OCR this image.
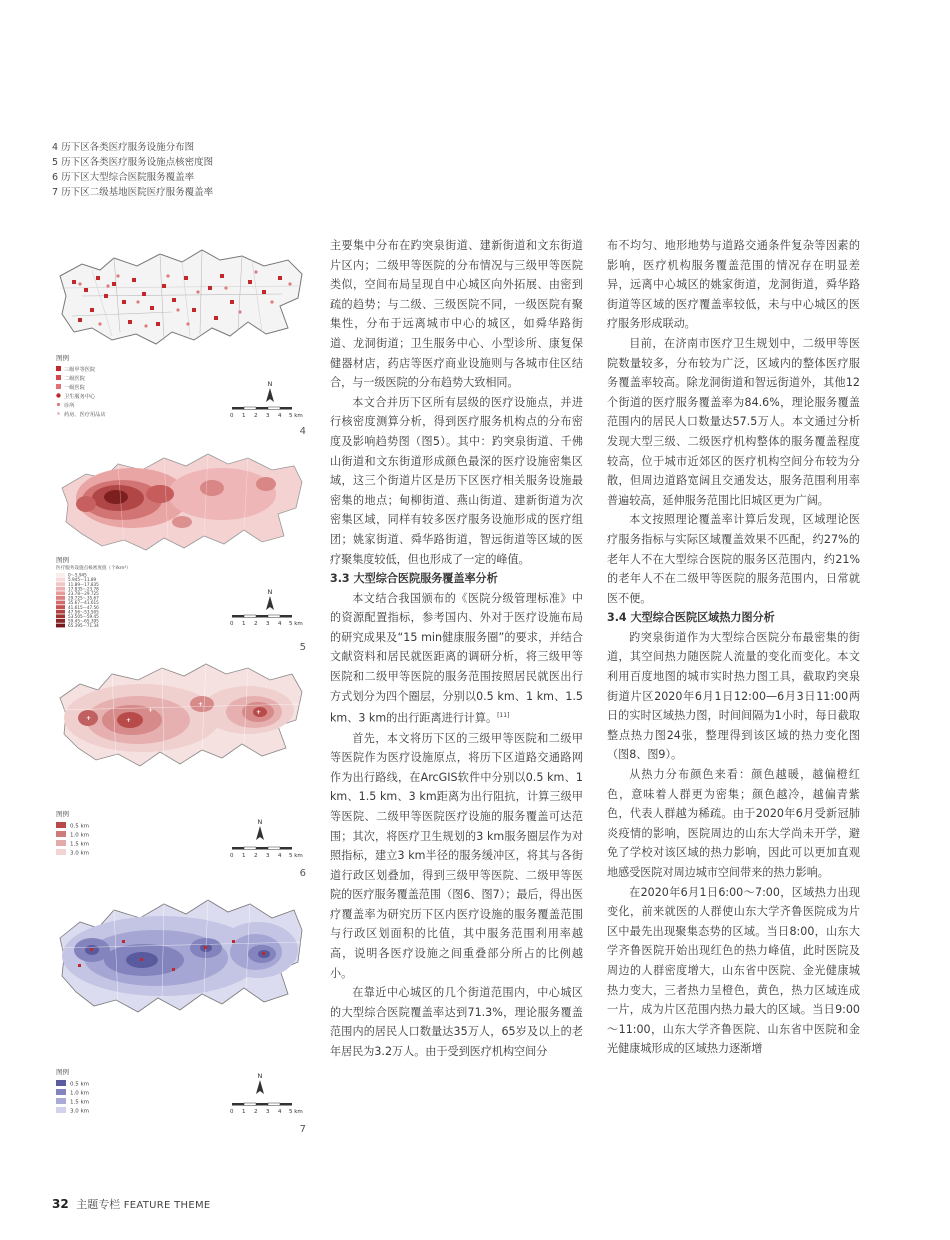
4 历下区各类医疗服务设施分布图
5 历下区各类医疗服务设施点核密度图
6 历下区大型综合医院服务覆盖率
7 历下区二级基地医院医疗服务覆盖率
图例
三级甲等医院
二级医院
一级医院
卫生服务中心
诊所
药房、医疗用品店
N
0 1 2 3 4 5 km
4
图例
医疗服务设施点核密度值（个/km²）
0～5.945
5.945～11.89
11.89～17.835
17.835～23.78
23.78～29.725
29.725～35.67
35.67～41.615
41.615～47.56
47.56～53.505
53.505～59.45
59.45～65.395
65.395～71.34
N
0 1 2 3 4 5 km
5
+
+
+
+
+
图例
0.5 km
1.0 km
1.5 km
3.0 km
N
0 1 2 3 4 5 km
6
图例
0.5 km
1.0 km
1.5 km
3.0 km
N
0 1 2 3 4 5 km
7

主要集中分布在趵突泉街道、建新街道和文东街道片区内；二级甲等医院的分布情况与三级甲等医院类似，空间布局呈现自中心城区向外拓展、由密到疏的趋势；与二级、三级医院不同，一级医院有聚集性，分布于远离城市中心的城区，如舜华路街道、龙洞街道；卫生服务中心、小型诊所、康复保健器材店，药店等医疗商业设施则与各城市住区结合，与一级医院的分布趋势大致相同。

本文合并历下区所有层级的医疗设施点，并进行核密度测算分析，得到医疗服务机构点的分布密度及影响趋势图（图5）。其中：趵突泉街道、千佛山街道和文东街道形成颜色最深的医疗设施密集区域，这三个街道片区是历下区医疗相关服务设施最密集的地点；甸柳街道、燕山街道、建新街道为次密集区域，同样有较多医疗服务设施形成的医疗组团；姚家街道、舜华路街道，智远街道等区域的医疗聚集度较低，但也形成了一定的峰值。

3.3 大型综合医院服务覆盖率分析

本文结合我国颁布的《医院分级管理标准》中的资源配置指标，参考国内、外对于医疗设施布局的研究成果及“15 min健康服务圈”的要求，并结合文献资料和居民就医距离的调研分析，将三级甲等医院和二级甲等医院的服务范围按照居民就医出行方式划分为四个圈层，分别以0.5 km、1 km、1.5 km、3 km的出行距离进行计算。[11]

首先，本文将历下区的三级甲等医院和二级甲等医院作为医疗设施原点，将历下区道路交通路网作为出行路线，在ArcGIS软件中分别以0.5 km、1 km、1.5 km、3 km距离为出行阻抗，计算三级甲等医院、二级甲等医院医疗设施的服务覆盖可达范围；其次，将医疗卫生规划的3 km服务圈层作为对照指标，建立3 km半径的服务缓冲区，将其与各街道行政区划叠加，得到三级甲等医院、二级甲等医院的医疗服务覆盖范围（图6、图7）；最后，得出医疗覆盖率为研究历下区内医疗设施的服务覆盖范围与行政区划面积的比值，其中服务范围利用率越高，说明各医疗设施之间重叠部分所占的比例越小。

在靠近中心城区的几个街道范围内，中心城区的大型综合医院覆盖率达到71.3%，理论服务覆盖范围内的居民人口数量达35万人，65岁及以上的老年居民为3.2万人。由于受到医疗机构空间分

布不均匀、地形地势与道路交通条件复杂等因素的影响，医疗机构服务覆盖范围的情况存在明显差异，远离中心城区的姚家街道，龙洞街道，舜华路街道等区域的医疗覆盖率较低，未与中心城区的医疗服务形成联动。

目前，在济南市医疗卫生规划中，二级甲等医院数量较多，分布较为广泛，区域内的整体医疗服务覆盖率较高。除龙洞街道和智远街道外，其他12个街道的医疗服务覆盖率为84.6%，理论服务覆盖范围内的居民人口数量达57.5万人。本文通过分析发现大型三级、二级医疗机构整体的服务覆盖程度较高，位于城市近郊区的医疗机构空间分布较为分散，但周边道路宽阔且交通发达，服务范围利用率普遍较高，延伸服务范围比旧城区更为广阔。

本文按照理论覆盖率计算后发现，区域理论医疗服务指标与实际区域覆盖效果不匹配，约27%的老年人不在大型综合医院的服务区范围内，约21%的老年人不在二级甲等医院的服务范围内，日常就医不便。

3.4 大型综合医院区域热力图分析

趵突泉街道作为大型综合医院分布最密集的街道，其空间热力随医院人流量的变化而变化。本文利用百度地图的城市实时热力图工具，截取趵突泉街道片区2020年6月1日12:00—6月3日11:00两日的实时区域热力图，时间间隔为1小时，每日截取整点热力图24张，整理得到该区域的热力变化图（图8、图9）。

从热力分布颜色来看：颜色越暖，越偏橙红色，意味着人群更为密集；颜色越冷，越偏青紫色，代表人群越为稀疏。由于2020年6月受新冠肺炎疫情的影响，医院周边的山东大学尚未开学，避免了学校对该区域的热力影响，因此可以更加直观地感受医院对周边城市空间带来的热力影响。

在2020年6月1日6:00～7:00，区域热力出现变化，前来就医的人群使山东大学齐鲁医院成为片区中最先出现聚集态势的区域。当日8:00，山东大学齐鲁医院开始出现红色的热力峰值，此时医院及周边的人群密度增大，山东省中医院、金光健康城热力变大，三者热力呈橙色，黄色，热力区域连成一片，成为片区范围内热力最大的区域。当日9:00～11:00，山东大学齐鲁医院、山东省中医院和金光健康城形成的区域热力逐渐增

32 主题专栏 FEATURE THEME
